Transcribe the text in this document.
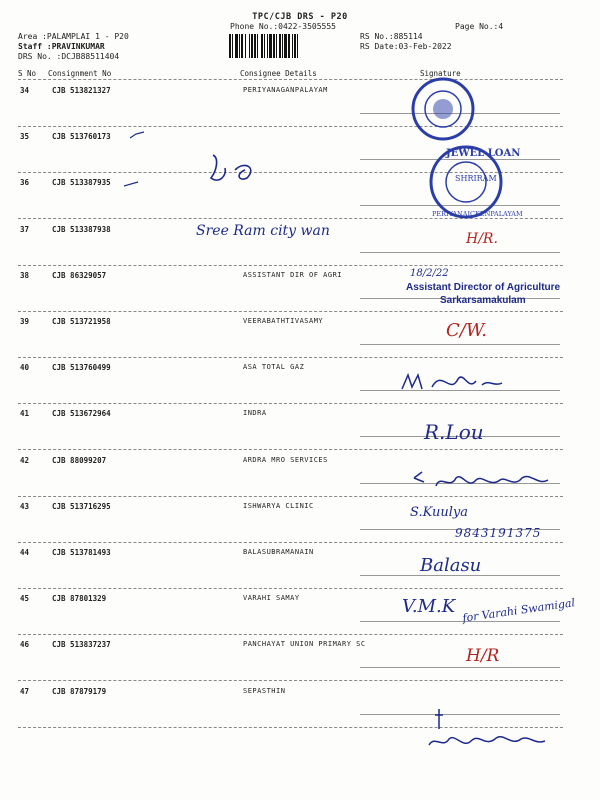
TPC/CJB DRS - P20
Phone No.:0422-3505555	Page No.:4
Area :PALAMPLAI 1 - P20
Staff :PRAVINKUMAR
DRS No. :DCJB88511404
RS No.:885114
RS Date:03-Feb-2022
S No Consignment No	Consignee Details	Signature
34	CJB 513821327	PERIYANAGANPALAYAM
35	CJB 513760173
36	CJB 513387935
37	CJB 513387938
38	CJB 86329057	ASSISTANT DIR OF AGRI
39	CJB 513721958	VEERABATHTIVASAMY
40	CJB 513760499	ASA TOTAL GAZ
41	CJB 513672964	INDRA
42	CJB 88099207	ARDRA MRO SERVICES
43	CJB 513716295	ISHWARYA CLINIC
44	CJB 513781493	BALASUBRAMANAIN
45	CJB 87801329	VARAHI SAMAY
46	CJB 513837237	PANCHAYAT UNION PRIMARY SC
47	CJB 87879179	SEPASTHIN
JEWEL LOAN
SHRIRAM
PERIYANAICKENPALAYAM
Sree Ram city wan	H/R.
18/2/22
Assistant Director of Agriculture
Sarkarsamakulam
C/W.
R.Lou
S.Kuulya
9843191375
Balasu
V.M.K for Varahi Swamigal
H/R
